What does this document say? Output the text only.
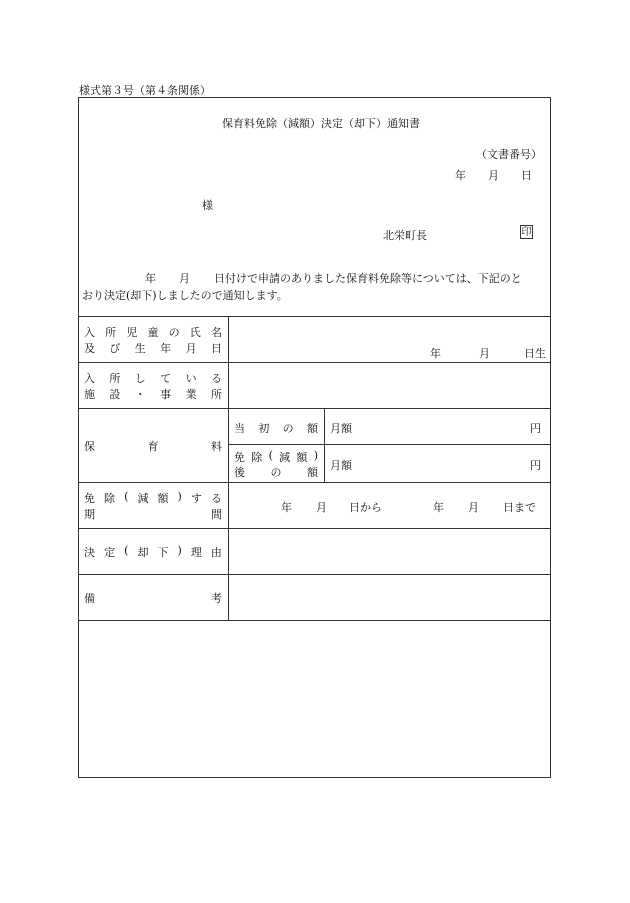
様式第３号（第４条関係）
保育料免除（減額）決定（却下）通知書
（文書番号）
年 月 日
様
北栄町長	印
年 月 日付けで申請のありました保育料免除等については、下記のと
おり決定(却下)しましたので通知します。
入 所 児 童 の 氏 名
及 び 生 年 月 日	年	月	日生
入 所 し て い る
施 設 ・ 事 業 所
保	育	料
当 初 の 額 月額	円
免 除 ( 減 額 )
後 の 額
月額	円
免 除 ( 減 額 ) す る
期	間
年 月 日から	年 月 日まで
決 定 ( 却 下 ) 理 由
備	考
